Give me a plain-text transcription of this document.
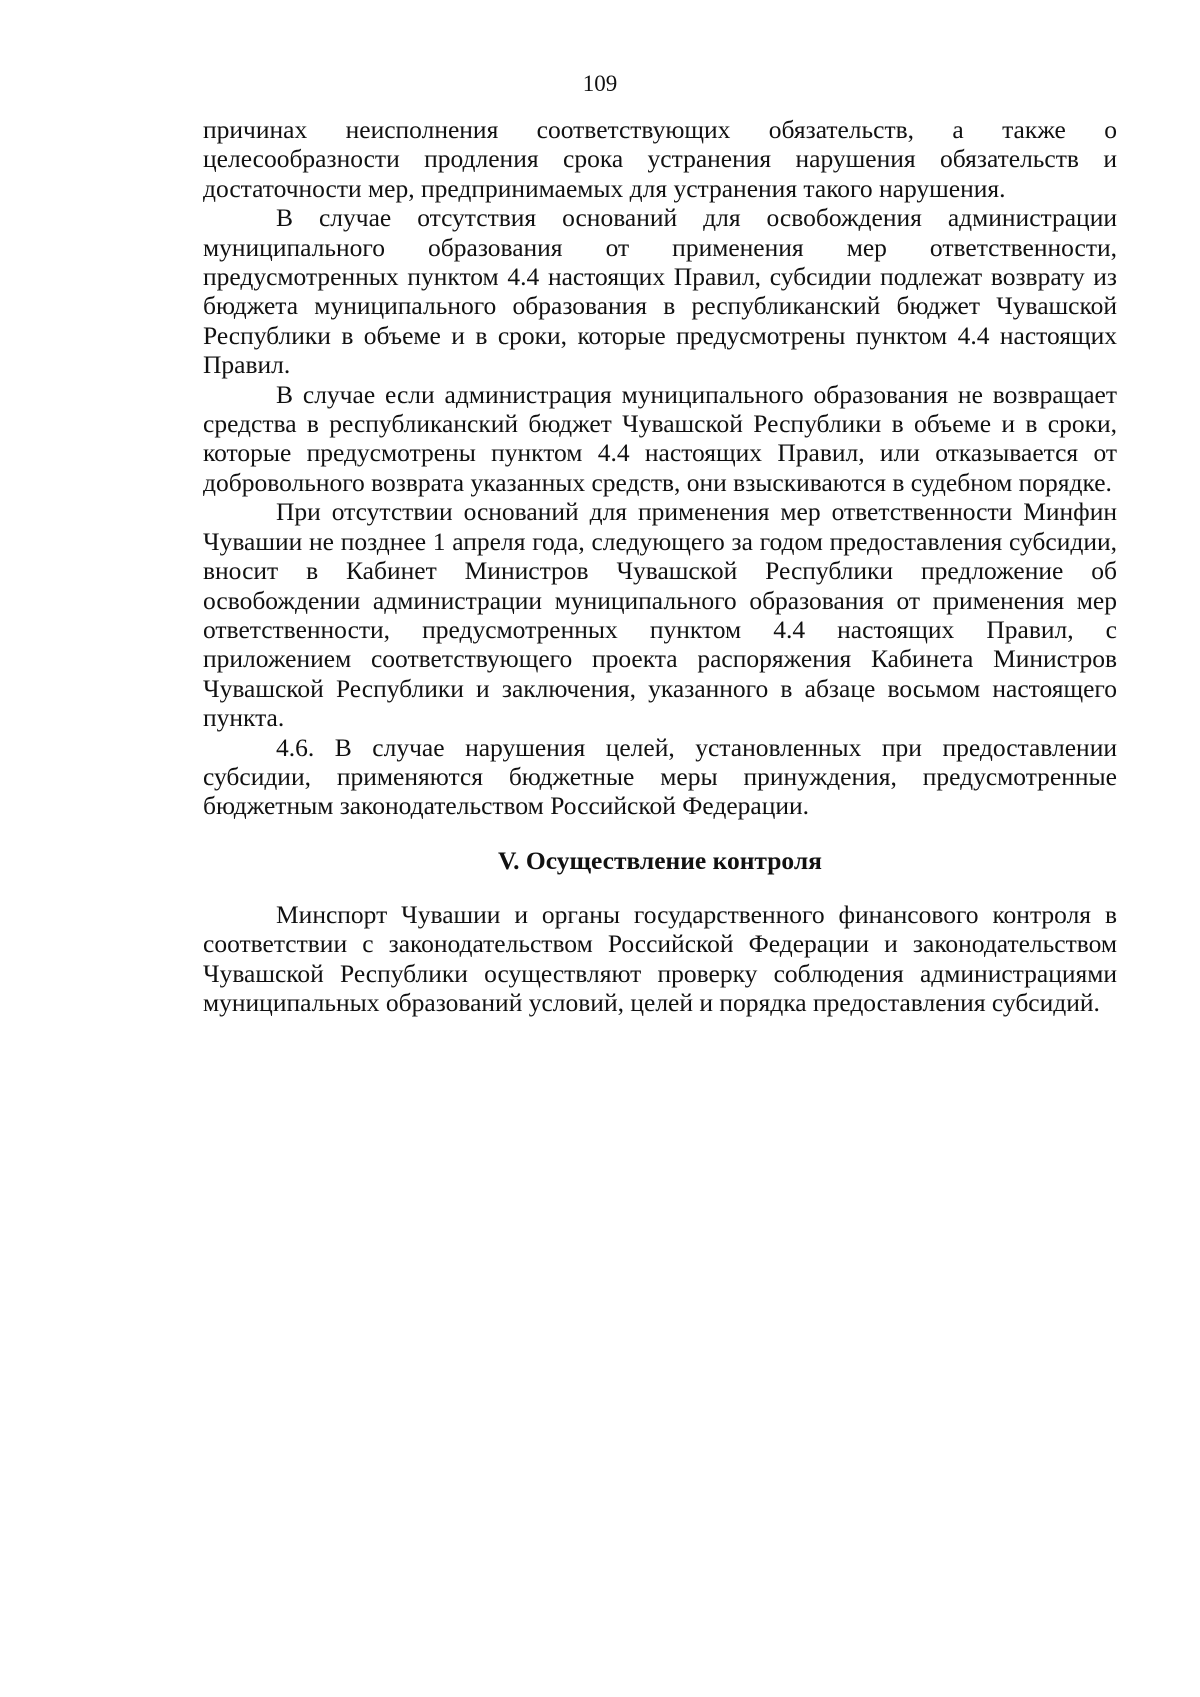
109

причинах неисполнения соответствующих обязательств, а также о целесообразности продления срока устранения нарушения обязательств и достаточности мер, предпринимаемых для устранения такого нарушения.

В случае отсутствия оснований для освобождения администрации муниципального образования от применения мер ответственности, предусмотренных пунктом 4.4 настоящих Правил, субсидии подлежат возврату из бюджета муниципального образования в республиканский бюджет Чувашской Республики в объеме и в сроки, которые предусмотрены пунктом 4.4 настоящих Правил.

В случае если администрация муниципального образования не возвращает средства в республиканский бюджет Чувашской Республики в объеме и в сроки, которые предусмотрены пунктом 4.4 настоящих Правил, или отказывается от добровольного возврата указанных средств, они взыскиваются в судебном порядке.

При отсутствии оснований для применения мер ответственности Минфин Чувашии не позднее 1 апреля года, следующего за годом предоставления субсидии, вносит в Кабинет Министров Чувашской Республики предложение об освобождении администрации муниципального образования от применения мер ответственности, предусмотренных пунктом 4.4 настоящих Правил, с приложением соответствующего проекта распоряжения Кабинета Министров Чувашской Республики и заключения, указанного в абзаце восьмом настоящего пункта.

4.6. В случае нарушения целей, установленных при предоставлении субсидии, применяются бюджетные меры принуждения, предусмотренные бюджетным законодательством Российской Федерации.

V. Осуществление контроля

Минспорт Чувашии и органы государственного финансового контроля в соответствии с законодательством Российской Федерации и законодательством Чувашской Республики осуществляют проверку соблюдения администрациями муниципальных образований условий, целей и порядка предоставления субсидий.
